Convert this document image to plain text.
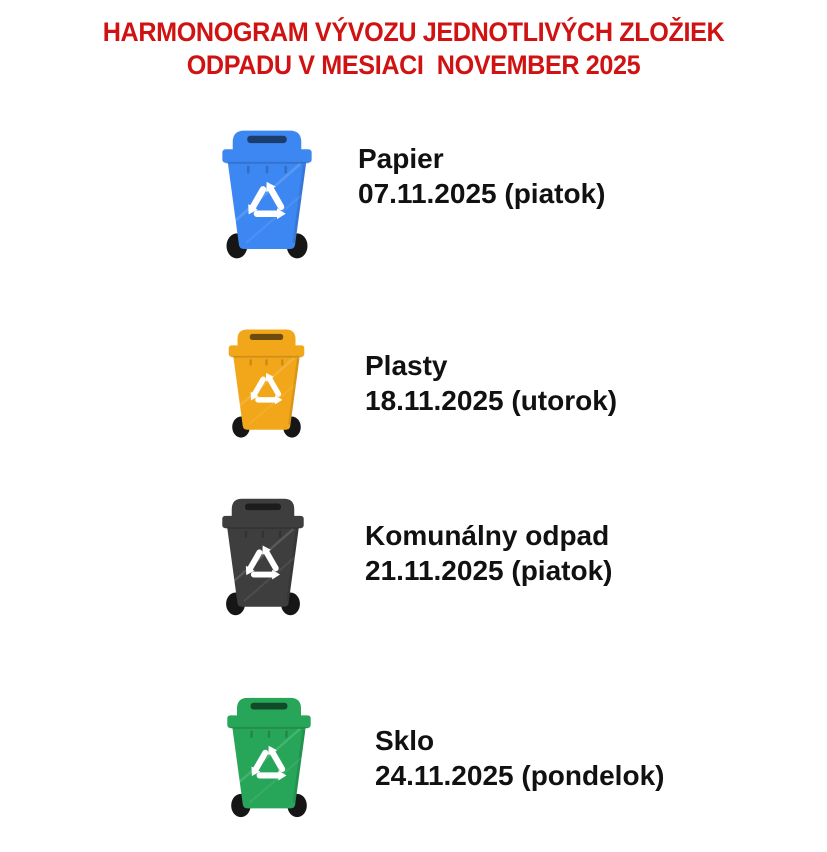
HARMONOGRAM VÝVOZU JEDNOTLIVÝCH ZLOŽIEK
ODPADU V MESIACI  NOVEMBER 2025
Papier
07.11.2025 (piatok)
Plasty
18.11.2025 (utorok)
Komunálny odpad
21.11.2025 (piatok)
Sklo
24.11.2025 (pondelok)
